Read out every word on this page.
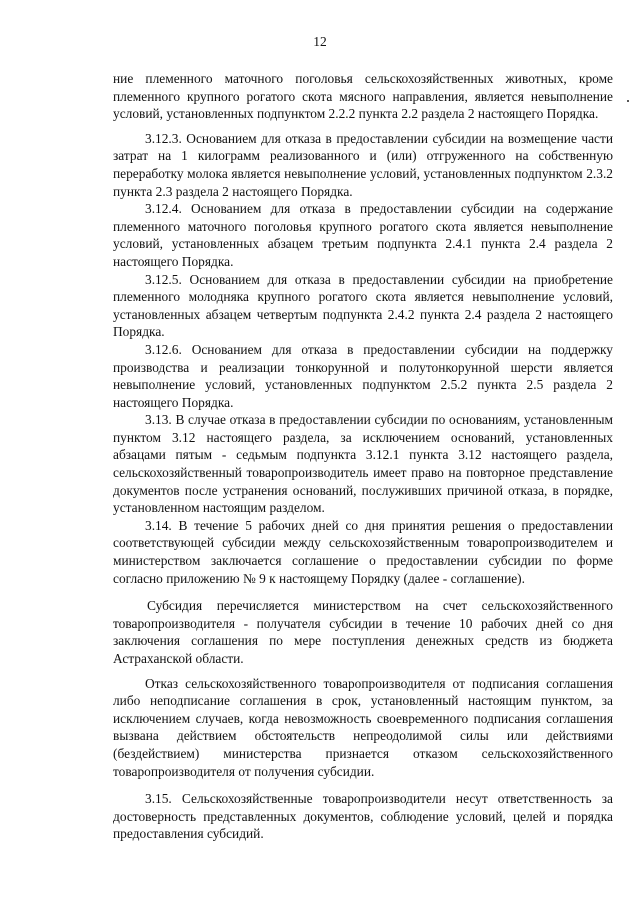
12

ние племенного маточного поголовья сельскохозяйственных животных, кроме племенного крупного рогатого скота мясного направления, является невыполнение условий, установленных подпунктом 2.2.2 пункта 2.2 раздела 2 настоящего Порядка.

3.12.3. Основанием для отказа в предоставлении субсидии на возмещение части затрат на 1 килограмм реализованного и (или) отгруженного на собственную переработку молока является невыполнение условий, установленных подпунктом 2.3.2 пункта 2.3 раздела 2 настоящего Порядка.

3.12.4. Основанием для отказа в предоставлении субсидии на содержание племенного маточного поголовья крупного рогатого скота является невыполнение условий, установленных абзацем третьим подпункта 2.4.1 пункта 2.4 раздела 2 настоящего Порядка.

3.12.5. Основанием для отказа в предоставлении субсидии на приобретение племенного молодняка крупного рогатого скота является невыполнение условий, установленных абзацем четвертым подпункта 2.4.2 пункта 2.4 раздела 2 настоящего Порядка.

3.12.6. Основанием для отказа в предоставлении субсидии на поддержку производства и реализации тонкорунной и полутонкорунной шерсти является невыполнение условий, установленных подпунктом 2.5.2 пункта 2.5 раздела 2 настоящего Порядка.

3.13. В случае отказа в предоставлении субсидии по основаниям, установленным пунктом 3.12 настоящего раздела, за исключением оснований, установленных абзацами пятым - седьмым подпункта 3.12.1 пункта 3.12 настоящего раздела, сельскохозяйственный товаропроизводитель имеет право на повторное представление документов после устранения оснований, послуживших причиной отказа, в порядке, установленном настоящим разделом.

3.14. В течение 5 рабочих дней со дня принятия решения о предоставлении соответствующей субсидии между сельскохозяйственным товаропроизводителем и министерством заключается соглашение о предоставлении субсидии по форме согласно приложению № 9 к настоящему Порядку (далее - соглашение).

Субсидия перечисляется министерством на счет сельскохозяйственного товаропроизводителя - получателя субсидии в течение 10 рабочих дней со дня заключения соглашения по мере поступления денежных средств из бюджета Астраханской области.

Отказ сельскохозяйственного товаропроизводителя от подписания соглашения либо неподписание соглашения в срок, установленный настоящим пунктом, за исключением случаев, когда невозможность своевременного подписания соглашения вызвана действием обстоятельств непреодолимой силы или действиями (бездействием) министерства признается отказом сельскохозяйственного товаропроизводителя от получения субсидии.

3.15. Сельскохозяйственные товаропроизводители несут ответственность за достоверность представленных документов, соблюдение условий, целей и порядка предоставления субсидий.
